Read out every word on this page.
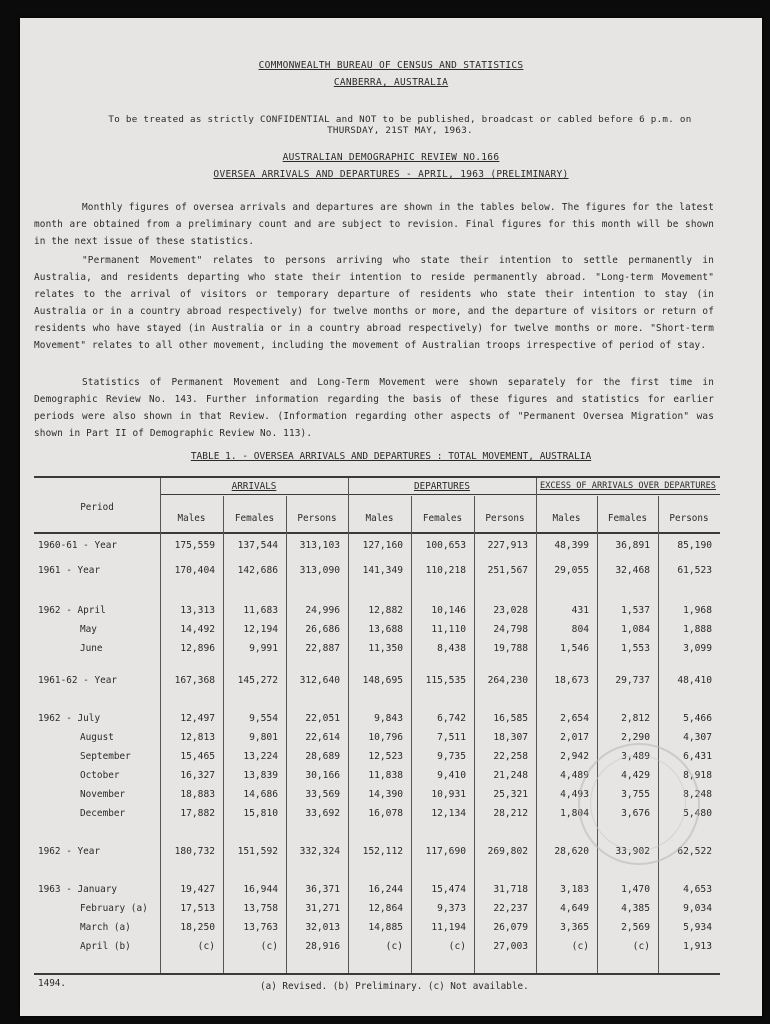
COMMONWEALTH BUREAU OF CENSUS AND STATISTICS
CANBERRA, AUSTRALIA
To be treated as strictly CONFIDENTIAL and NOT to be published, broadcast or cabled before 6 p.m. on THURSDAY, 21ST MAY, 1963.
AUSTRALIAN DEMOGRAPHIC REVIEW NO.166
OVERSEA ARRIVALS AND DEPARTURES - APRIL, 1963 (PRELIMINARY)
Monthly figures of oversea arrivals and departures are shown in the tables below. The figures for the latest month are obtained from a preliminary count and are subject to revision. Final figures for this month will be shown in the next issue of these statistics.
"Permanent Movement" relates to persons arriving who state their intention to settle permanently in Australia, and residents departing who state their intention to reside permanently abroad. "Long-term Movement" relates to the arrival of visitors or temporary departure of residents who state their intention to stay (in Australia or in a country abroad respectively) for twelve months or more, and the departure of visitors or return of residents who have stayed (in Australia or in a country abroad respectively) for twelve months or more. "Short-term Movement" relates to all other movement, including the movement of Australian troops irrespective of period of stay.
Statistics of Permanent Movement and Long-Term Movement were shown separately for the first time in Demographic Review No. 143. Further information regarding the basis of these figures and statistics for earlier periods were also shown in that Review. (Information regarding other aspects of "Permanent Oversea Migration" was shown in Part II of Demographic Review No. 113).
TABLE 1. - OVERSEA ARRIVALS AND DEPARTURES : TOTAL MOVEMENT, AUSTRALIA
Period
ARRIVALS	DEPARTURES	EXCESS OF ARRIVALS OVER DEPARTURES
Males	Females	Persons	Males	Females	Persons	Males	Females	Persons
1960-61 - Year	175,559	137,544	313,103	127,160	100,653	227,913	48,399	36,891	85,190
1961 - Year	170,404	142,686	313,090	141,349	110,218	251,567	29,055	32,468	61,523
1962 - April	13,313	11,683	24,996	12,882	10,146	23,028	431	1,537	1,968
May	14,492	12,194	26,686	13,688	11,110	24,798	804	1,084	1,888
June	12,896	9,991	22,887	11,350	8,438	19,788	1,546	1,553	3,099
1961-62 - Year	167,368	145,272	312,640	148,695	115,535	264,230	18,673	29,737	48,410
1962 - July	12,497	9,554	22,051	9,843	6,742	16,585	2,654	2,812	5,466
August	12,813	9,801	22,614	10,796	7,511	18,307	2,017	2,290	4,307
September	15,465	13,224	28,689	12,523	9,735	22,258	2,942	3,489	6,431
October	16,327	13,839	30,166	11,838	9,410	21,248	4,489	4,429	8,918
November	18,883	14,686	33,569	14,390	10,931	25,321	4,493	3,755	8,248
December	17,882	15,810	33,692	16,078	12,134	28,212	1,804	3,676	5,480
1962 - Year	180,732	151,592	332,324	152,112	117,690	269,802	28,620	33,902	62,522
1963 - January	19,427	16,944	36,371	16,244	15,474	31,718	3,183	1,470	4,653
February (a)	17,513	13,758	31,271	12,864	9,373	22,237	4,649	4,385	9,034
March (a)	18,250	13,763	32,013	14,885	11,194	26,079	3,365	2,569	5,934
April (b)	(c)	(c)	28,916	(c)	(c)	27,003	(c)	(c)	1,913
1494.	(a) Revised. (b) Preliminary. (c) Not available.
